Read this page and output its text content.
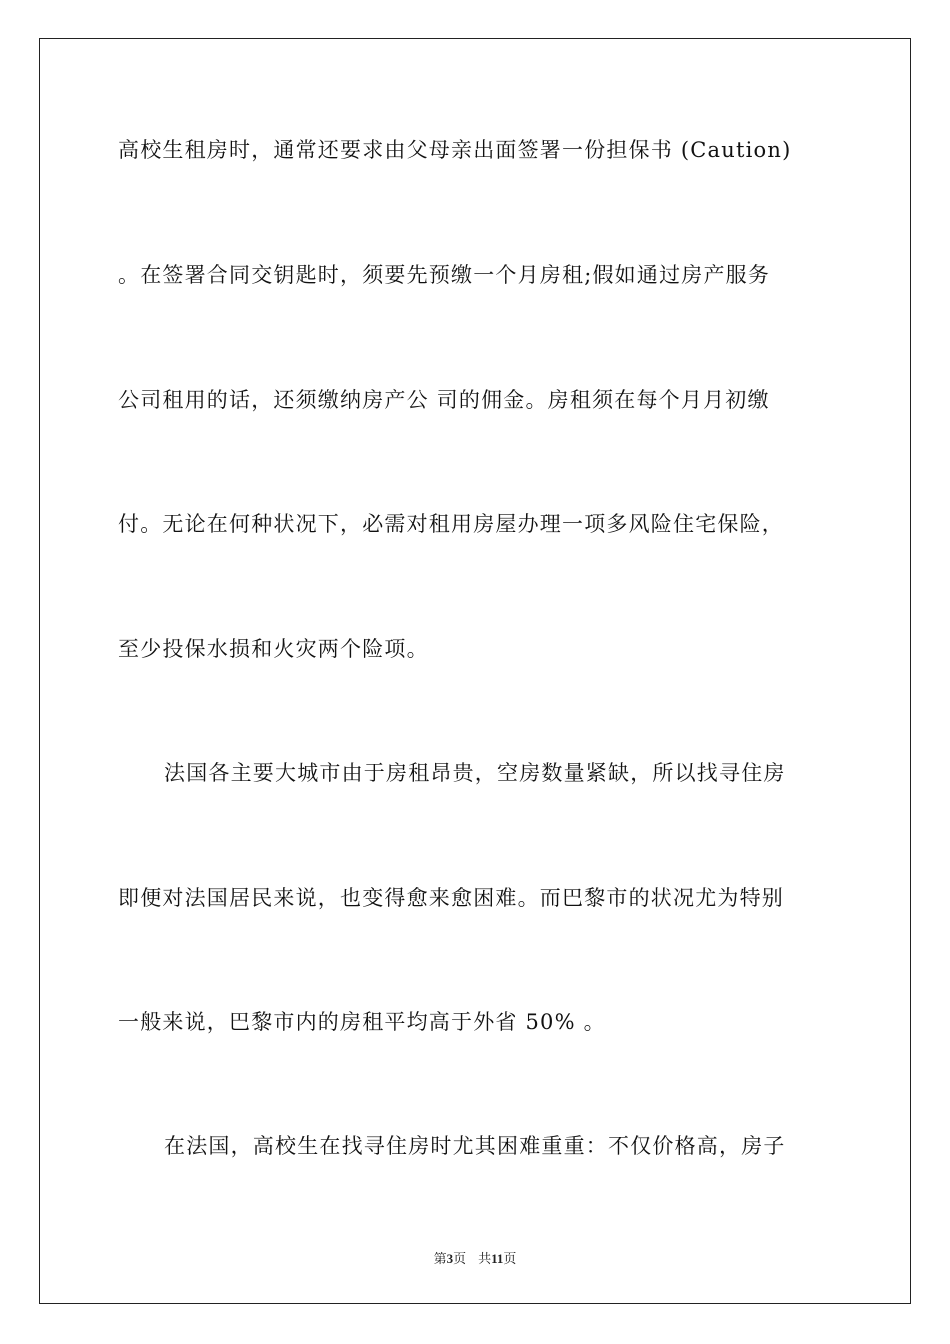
高校生租房时，通常还要求由父母亲出面签署一份担保书 (Caution)
。在签署合同交钥匙时，须要先预缴一个月房租;假如通过房产服务
公司租用的话，还须缴纳房产公 司的佣金。房租须在每个月月初缴
付。无论在何种状况下，必需对租用房屋办理一项多风险住宅保险，
至少投保水损和火灾两个险项。
法国各主要大城市由于房租昂贵，空房数量紧缺，所以找寻住房
即便对法国居民来说，也变得愈来愈困难。而巴黎市的状况尤为特别
一般来说，巴黎市内的房租平均高于外省 50% 。
在法国，高校生在找寻住房时尤其困难重重：不仅价格高，房子
第3页 共11页
